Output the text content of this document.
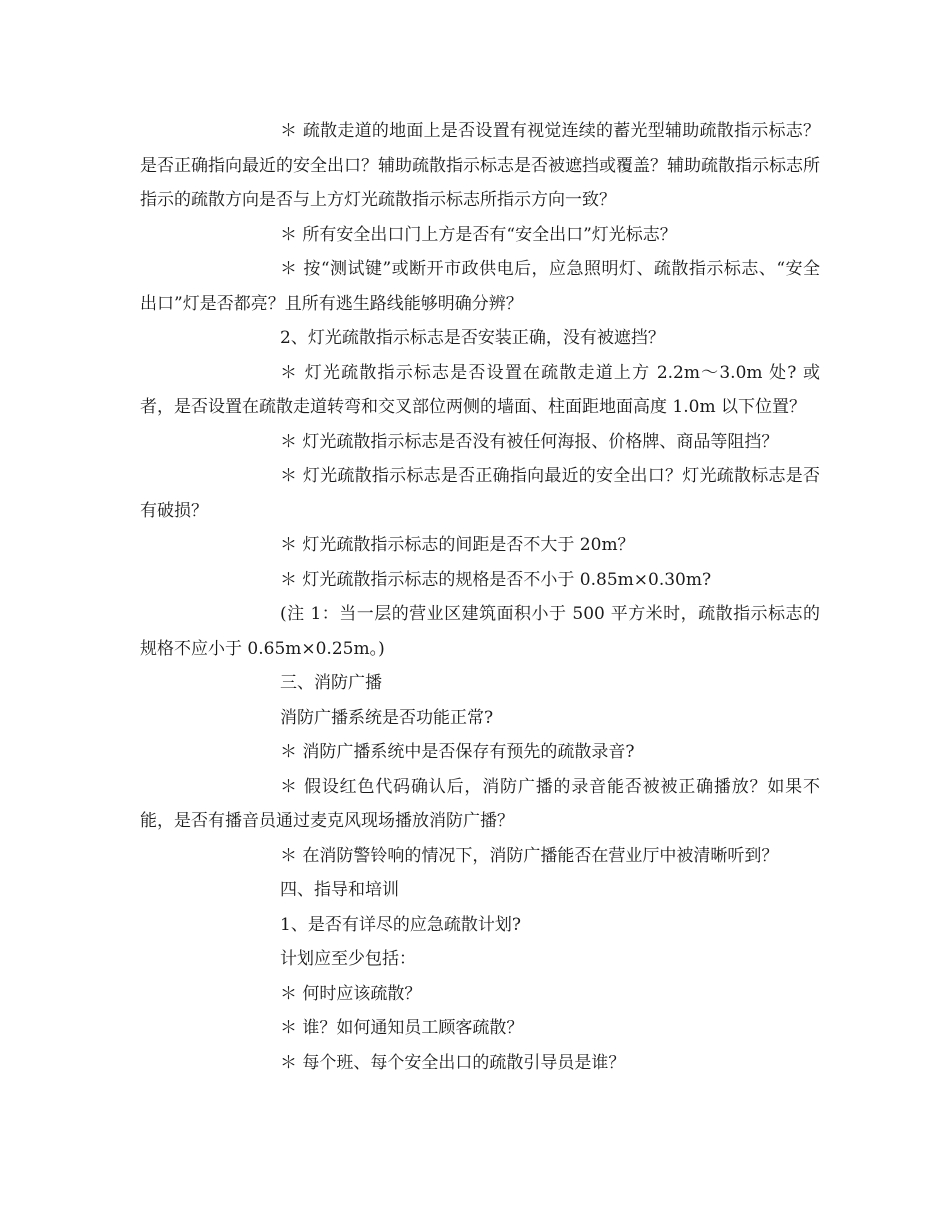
＊ 疏散走道的地面上是否设置有视觉连续的蓄光型辅助疏散指示标志？是否正确指向最近的安全出口？辅助疏散指示标志是否被遮挡或覆盖？辅助疏散指示标志所指示的疏散方向是否与上方灯光疏散指示标志所指示方向一致？

＊ 所有安全出口门上方是否有“安全出口”灯光标志？

＊ 按“测试键”或断开市政供电后，应急照明灯、疏散指示标志、“安全出口”灯是否都亮？且所有逃生路线能够明确分辨？

2、灯光疏散指示标志是否安装正确，没有被遮挡？

＊ 灯光疏散指示标志是否设置在疏散走道上方 2.2m～3.0m 处? 或者，是否设置在疏散走道转弯和交叉部位两侧的墙面、柱面距地面高度 1.0m 以下位置？

＊ 灯光疏散指示标志是否没有被任何海报、价格牌、商品等阻挡？

＊ 灯光疏散指示标志是否正确指向最近的安全出口？灯光疏散标志是否有破损？

＊ 灯光疏散指示标志的间距是否不大于 20m？

＊ 灯光疏散指示标志的规格是否不小于 0.85m×0.30m?

(注 1：当一层的营业区建筑面积小于 500 平方米时，疏散指示标志的规格不应小于 0.65m×0.25m。)

三、消防广播

消防广播系统是否功能正常?

＊ 消防广播系统中是否保存有预先的疏散录音?

＊ 假设红色代码确认后，消防广播的录音能否被被正确播放？如果不能，是否有播音员通过麦克风现场播放消防广播？

＊ 在消防警铃响的情况下，消防广播能否在营业厅中被清晰听到？

四、指导和培训

1、是否有详尽的应急疏散计划?

计划应至少包括：

＊ 何时应该疏散？

＊ 谁？如何通知员工顾客疏散？

＊ 每个班、每个安全出口的疏散引导员是谁？
